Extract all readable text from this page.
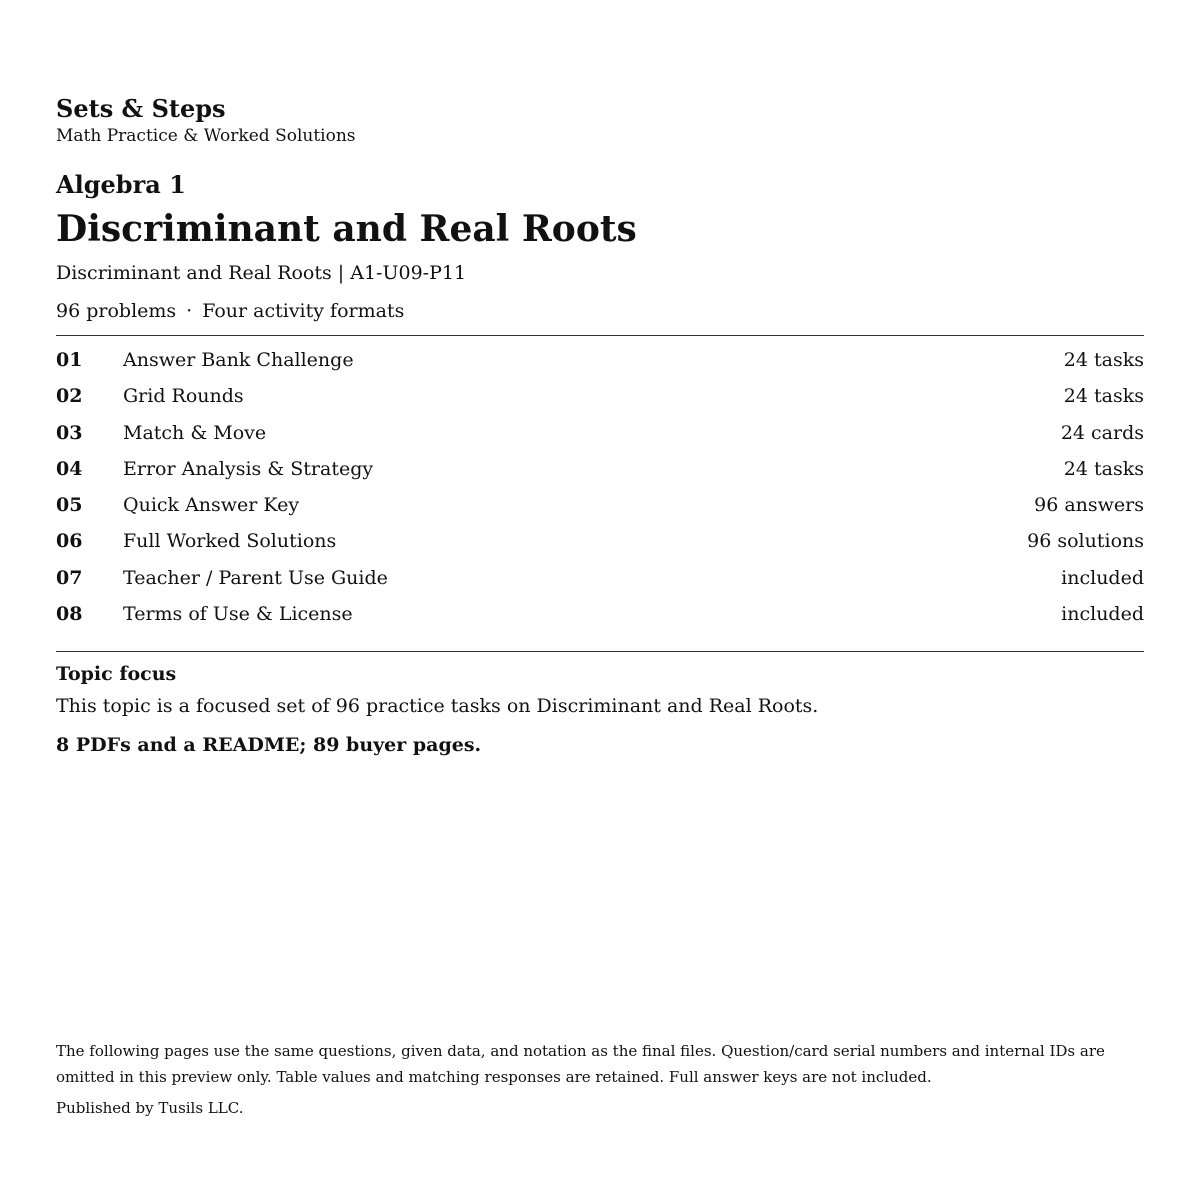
Sets & Steps
Math Practice & Worked Solutions
Algebra 1
Discriminant and Real Roots
Discriminant and Real Roots | A1-U09-P11
96 problems · Four activity formats
01 Answer Bank Challenge	24 tasks
02 Grid Rounds	24 tasks
03 Match & Move	24 cards
04 Error Analysis & Strategy	24 tasks
05 Quick Answer Key	96 answers
06 Full Worked Solutions	96 solutions
07 Teacher / Parent Use Guide	included
08 Terms of Use & License	included
Topic focus
This topic is a focused set of 96 practice tasks on Discriminant and Real Roots.
8 PDFs and a README; 89 buyer pages.

The following pages use the same questions, given data, and notation as the final files. Question/card serial numbers and internal IDs are omitted in this preview only. Table values and matching responses are retained. Full answer keys are not included.

Published by Tusils LLC.
